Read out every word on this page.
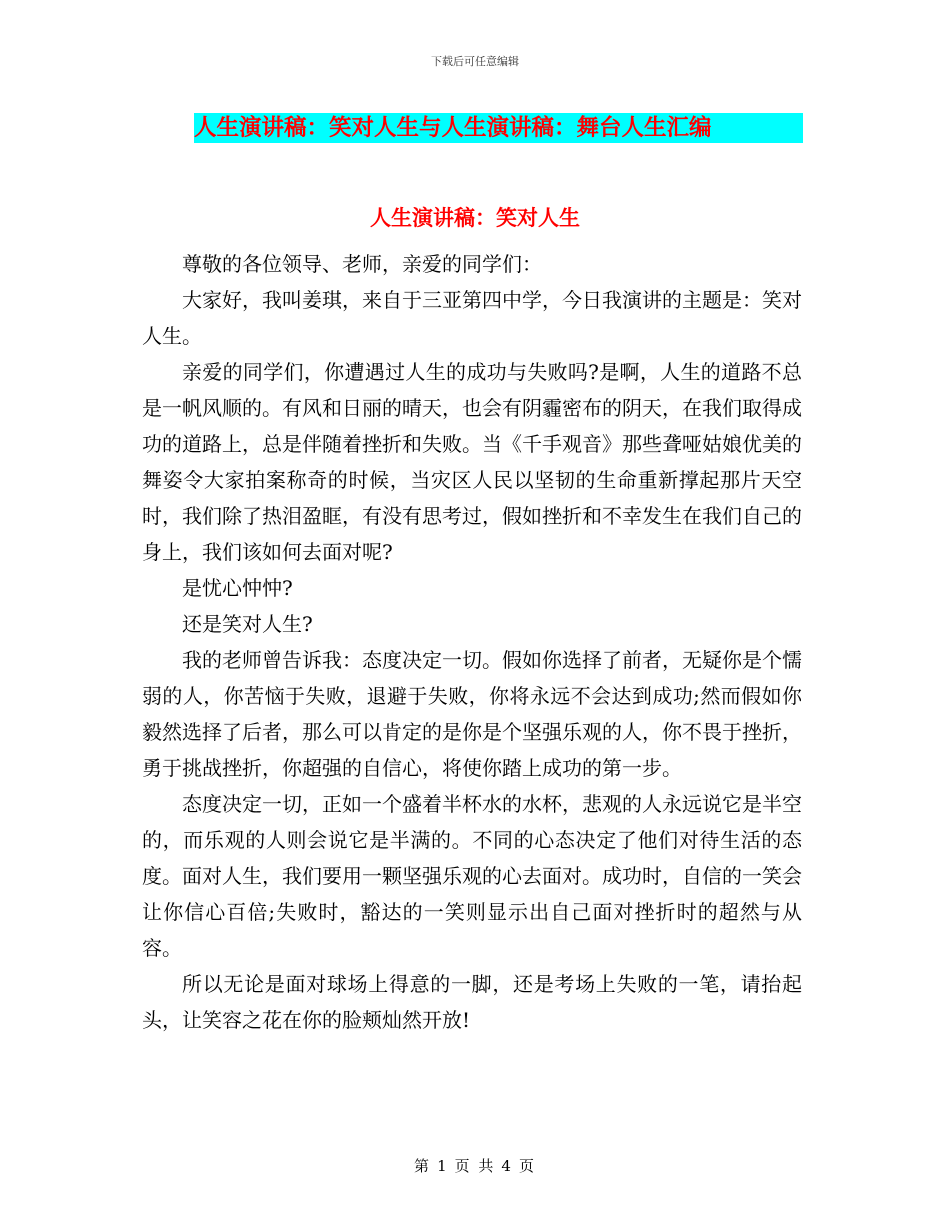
下载后可任意编辑
人生演讲稿：笑对人生与人生演讲稿：舞台人生汇编
人生演讲稿：笑对人生

尊敬的各位领导、老师，亲爱的同学们：

大家好，我叫姜琪，来自于三亚第四中学，今日我演讲的主题是：笑对人生。

亲爱的同学们，你遭遇过人生的成功与失败吗?是啊，人生的道路不总是一帆风顺的。有风和日丽的晴天，也会有阴霾密布的阴天，在我们取得成功的道路上，总是伴随着挫折和失败。当《千手观音》那些聋哑姑娘优美的舞姿令大家拍案称奇的时候，当灾区人民以坚韧的生命重新撑起那片天空时，我们除了热泪盈眶，有没有思考过，假如挫折和不幸发生在我们自己的身上，我们该如何去面对呢?

是忧心忡忡?

还是笑对人生?

我的老师曾告诉我：态度决定一切。假如你选择了前者，无疑你是个懦弱的人，你苦恼于失败，退避于失败，你将永远不会达到成功;然而假如你毅然选择了后者，那么可以肯定的是你是个坚强乐观的人，你不畏于挫折，勇于挑战挫折，你超强的自信心，将使你踏上成功的第一步。

态度决定一切，正如一个盛着半杯水的水杯，悲观的人永远说它是半空的，而乐观的人则会说它是半满的。不同的心态决定了他们对待生活的态度。面对人生，我们要用一颗坚强乐观的心去面对。成功时，自信的一笑会让你信心百倍;失败时，豁达的一笑则显示出自己面对挫折时的超然与从容。

所以无论是面对球场上得意的一脚，还是考场上失败的一笔，请抬起头，让笑容之花在你的脸颊灿然开放!

第 1 页 共 4 页
